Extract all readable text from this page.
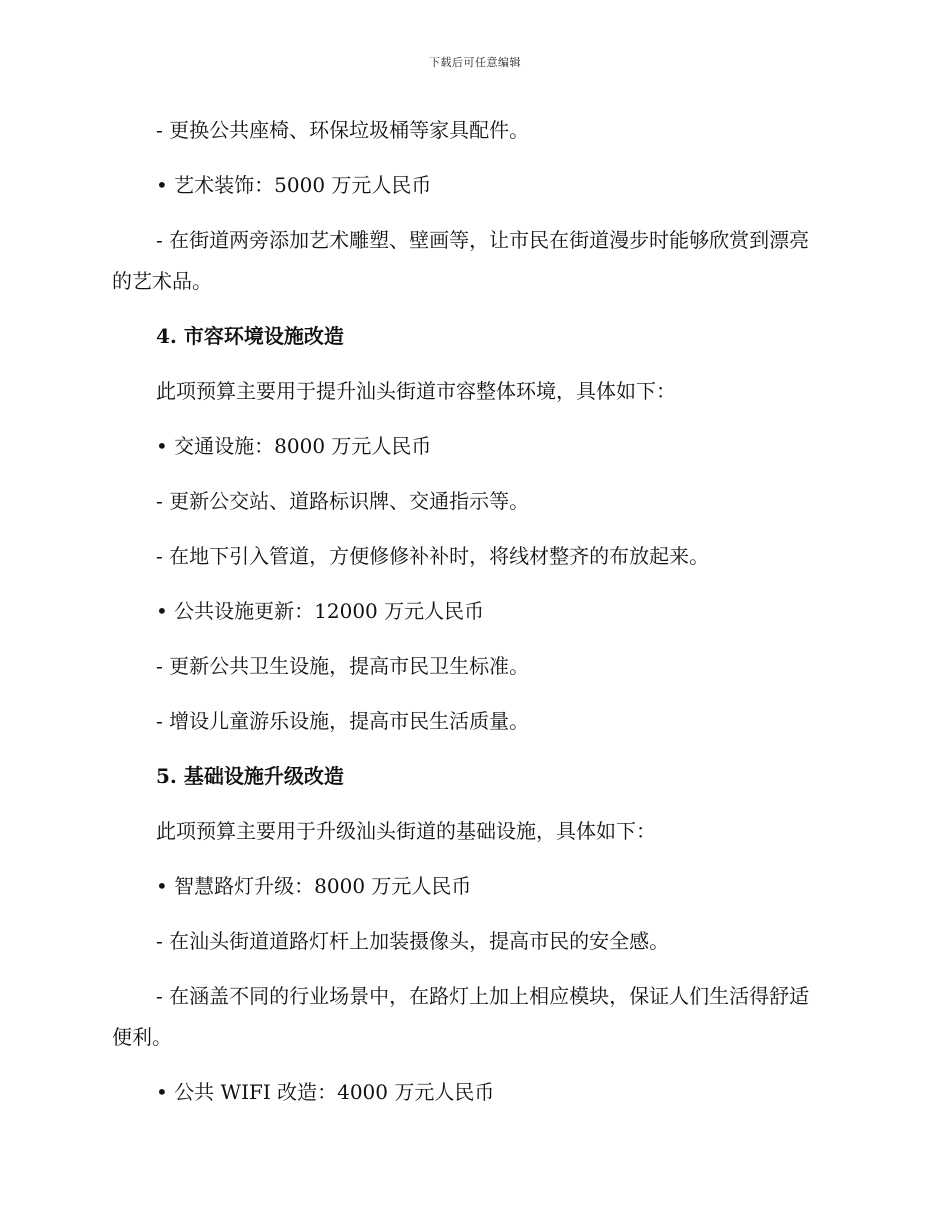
下载后可任意编辑

- 更换公共座椅、环保垃圾桶等家具配件。

• 艺术装饰：5000 万元人民币

- 在街道两旁添加艺术雕塑、壁画等，让市民在街道漫步时能够欣赏到漂亮的艺术品。

4. 市容环境设施改造

此项预算主要用于提升汕头街道市容整体环境，具体如下：

• 交通设施：8000 万元人民币

- 更新公交站、道路标识牌、交通指示等。

- 在地下引入管道，方便修修补补时，将线材整齐的布放起来。

• 公共设施更新：12000 万元人民币

- 更新公共卫生设施，提高市民卫生标准。

- 增设儿童游乐设施，提高市民生活质量。

5. 基础设施升级改造

此项预算主要用于升级汕头街道的基础设施，具体如下：

• 智慧路灯升级：8000 万元人民币

- 在汕头街道道路灯杆上加装摄像头，提高市民的安全感。

- 在涵盖不同的行业场景中，在路灯上加上相应模块，保证人们生活得舒适便利。

• 公共 WIFI 改造：4000 万元人民币
